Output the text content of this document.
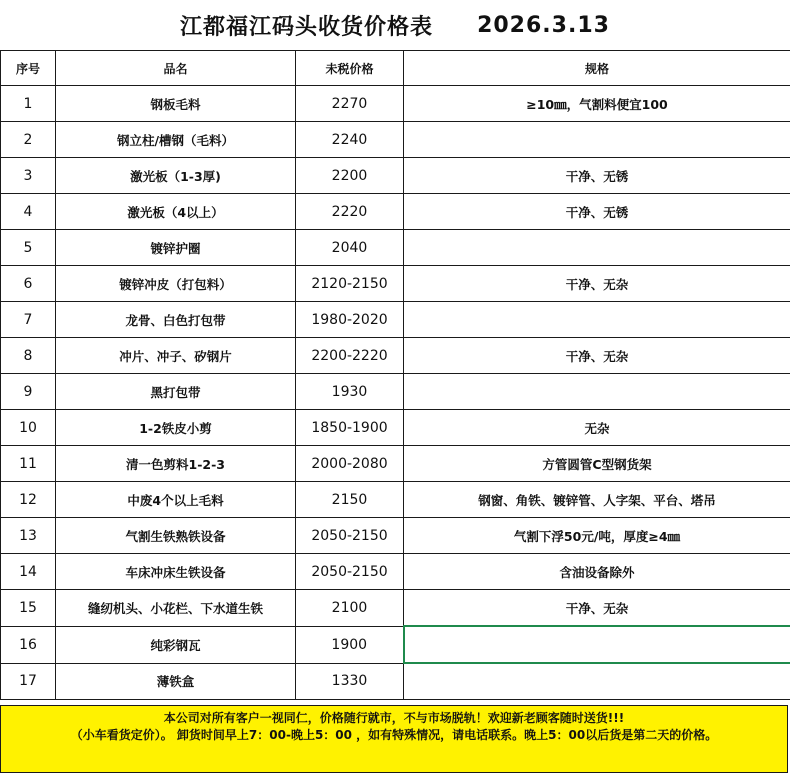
江都福江码头收货价格表 2026.3.13
序号	品名	未税价格	规格
1	钢板毛料	2270	≥10㎜，气割料便宜100
2	钢立柱/槽钢（毛料）	2240	
3	激光板（1-3厚)	2200	干净、无锈
4	激光板（4以上）	2220	干净、无锈
5	镀锌护圈	2040	
6	镀锌冲皮（打包料）	2120-2150	干净、无杂
7	龙骨、白色打包带	1980-2020	
8	冲片、冲子、矽钢片	2200-2220	干净、无杂
9	黑打包带	1930	
10	1-2铁皮小剪	1850-1900	无杂
11	清一色剪料1-2-3	2000-2080	方管圆管C型钢货架
12	中废4个以上毛料	2150	钢窗、角铁、镀锌管、人字架、平台、塔吊
13	气割生铁熟铁设备	2050-2150	气割下浮50元/吨，厚度≥4㎜
14	车床冲床生铁设备	2050-2150	含油设备除外
15	缝纫机头、小花栏、下水道生铁	2100	干净、无杂
16	纯彩钢瓦	1900	
17	薄铁盒	1330	

本公司对所有客户一视同仁，价格随行就市，不与市场脱轨！欢迎新老顾客随时送货!!!

（小车看货定价）。 卸货时间早上7：00-晚上5：00 ，如有特殊情况，请电话联系。晚上5：00以后货是第二天的价格。
